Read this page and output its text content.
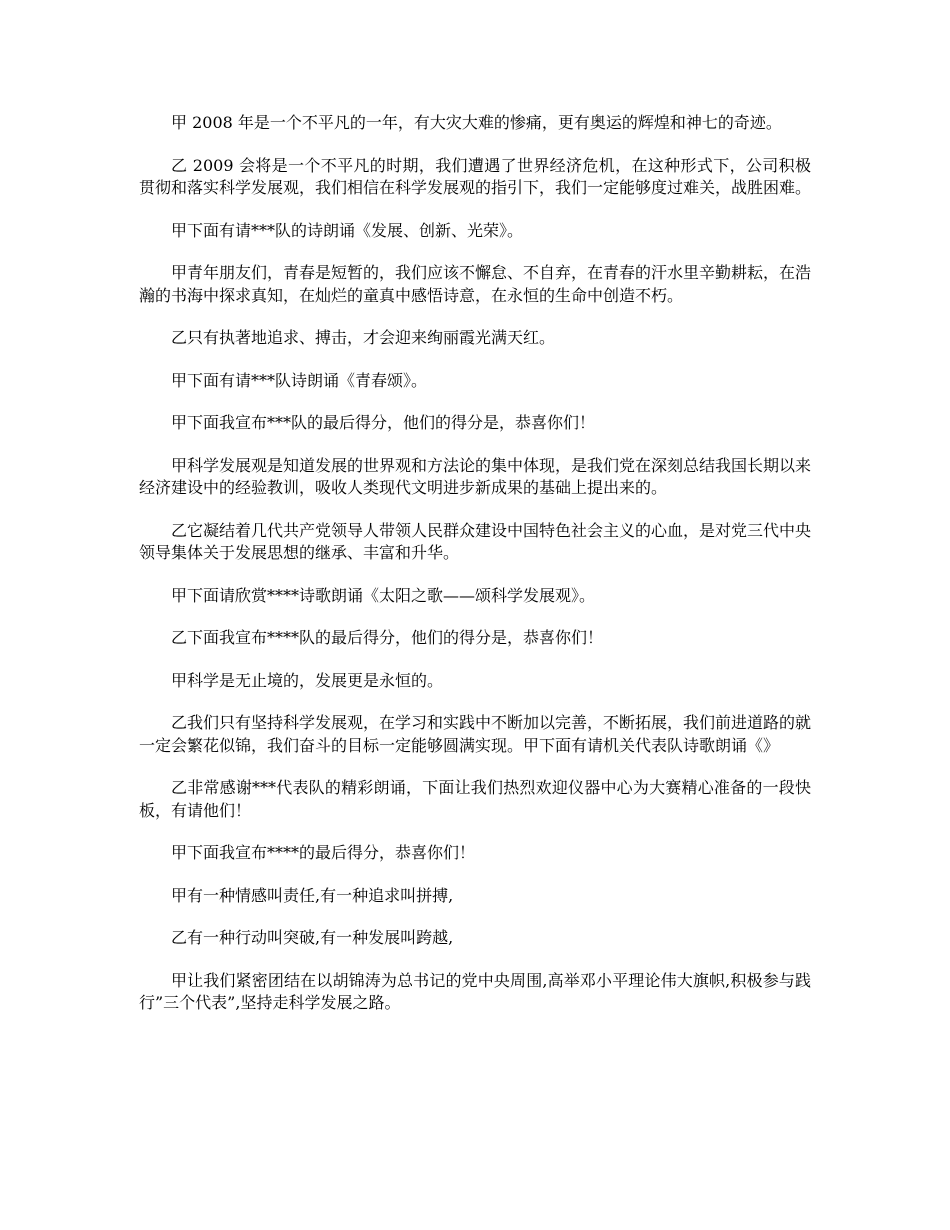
甲 2008 年是一个不平凡的一年，有大灾大难的惨痛，更有奥运的辉煌和神七的奇迹。

乙 2009 会将是一个不平凡的时期，我们遭遇了世界经济危机，在这种形式下，公司积极贯彻和落实科学发展观，我们相信在科学发展观的指引下，我们一定能够度过难关，战胜困难。

甲下面有请***队的诗朗诵《发展、创新、光荣》。

甲青年朋友们，青春是短暂的，我们应该不懈怠、不自弃，在青春的汗水里辛勤耕耘，在浩瀚的书海中探求真知，在灿烂的童真中感悟诗意，在永恒的生命中创造不朽。

乙只有执著地追求、搏击，才会迎来绚丽霞光满天红。

甲下面有请***队诗朗诵《青春颂》。

甲下面我宣布***队的最后得分，他们的得分是，恭喜你们！

甲科学发展观是知道发展的世界观和方法论的集中体现，是我们党在深刻总结我国长期以来经济建设中的经验教训，吸收人类现代文明进步新成果的基础上提出来的。

乙它凝结着几代共产党领导人带领人民群众建设中国特色社会主义的心血，是对党三代中央领导集体关于发展思想的继承、丰富和升华。

甲下面请欣赏****诗歌朗诵《太阳之歌——颂科学发展观》。

乙下面我宣布****队的最后得分，他们的得分是，恭喜你们！

甲科学是无止境的，发展更是永恒的。

乙我们只有坚持科学发展观，在学习和实践中不断加以完善，不断拓展，我们前进道路的就一定会繁花似锦，我们奋斗的目标一定能够圆满实现。甲下面有请机关代表队诗歌朗诵《》

乙非常感谢***代表队的精彩朗诵，下面让我们热烈欢迎仪器中心为大赛精心准备的一段快板，有请他们！

甲下面我宣布****的最后得分，恭喜你们！

甲有一种情感叫责任,有一种追求叫拼搏,

乙有一种行动叫突破,有一种发展叫跨越,

甲让我们紧密团结在以胡锦涛为总书记的党中央周围,高举邓小平理论伟大旗帜,积极参与践行”三个代表”,坚持走科学发展之路。
